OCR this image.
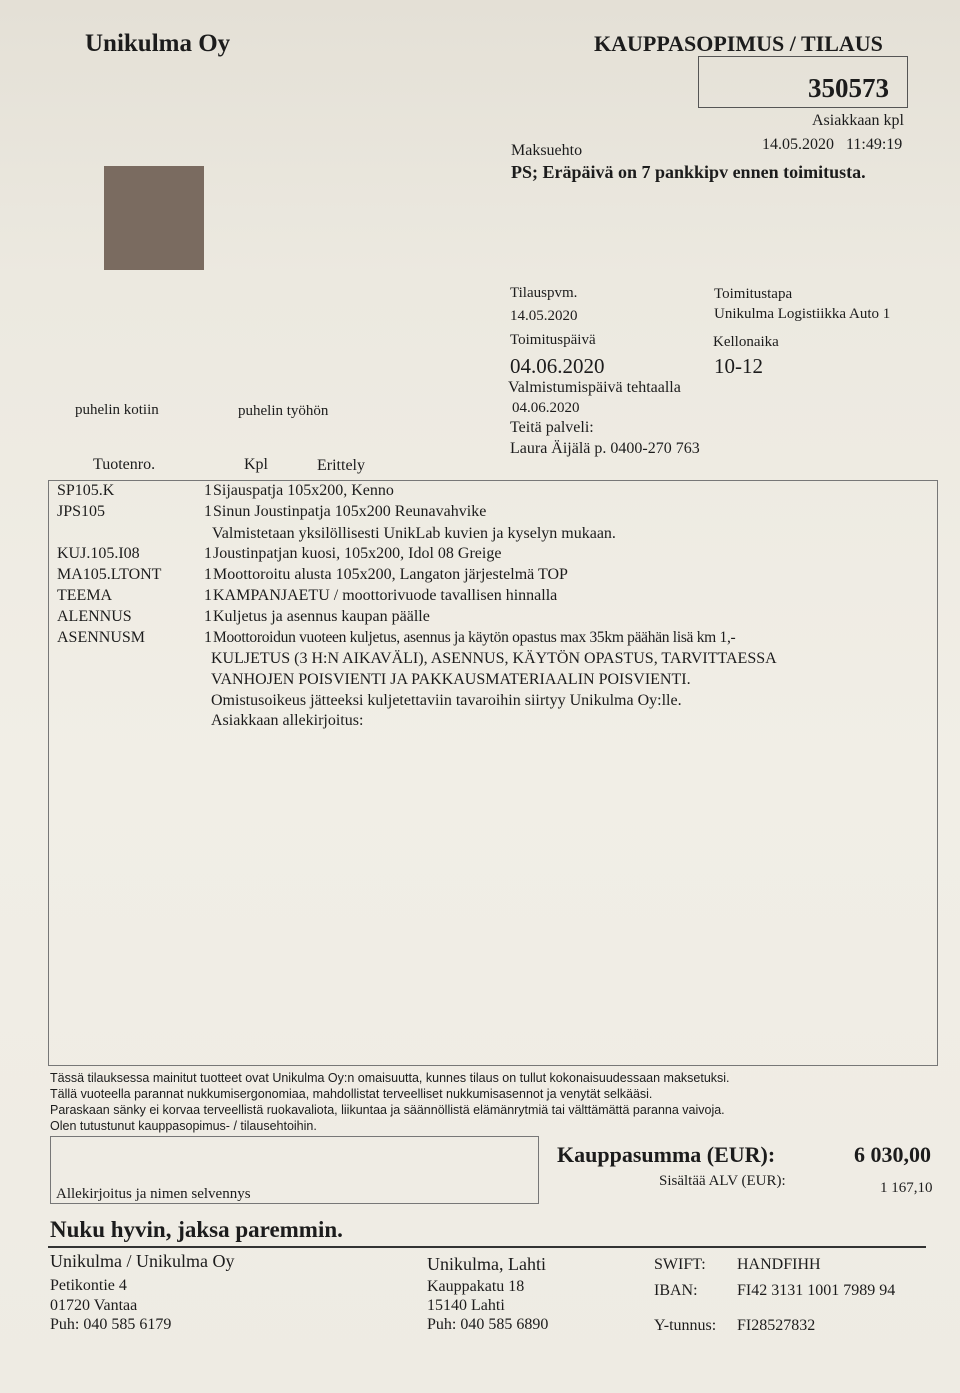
Unikulma Oy	KAUPPASOPIMUS / TILAUS
350573
Asiakkaan kpl
14.05.2020 11:49:19
Maksuehto
PS; Eräpäivä on 7 pankkipv ennen toimitusta.
puhelin kotiin	puhelin työhön
Tilauspvm.
14.05.2020
Toimituspäivä
04.06.2020
Valmistumispäivä tehtaalla
04.06.2020
Teitä palveli:
Laura Äijälä p. 0400-270 763
Toimitustapa
Unikulma Logistiikka Auto 1
Kellonaika
10-12
Tuotenro.	Kpl	Erittely
SP105.K	1 Sijauspatja 105x200, Kenno
JPS105	1 Sinun Joustinpatja 105x200 Reunavahvike
Valmistetaan yksilöllisesti UnikLab kuvien ja kyselyn mukaan.
KUJ.105.I08	1 Joustinpatjan kuosi, 105x200, Idol 08 Greige
MA105.LTONT	1 Moottoroitu alusta 105x200, Langaton järjestelmä TOP
TEEMA	1 KAMPANJAETU / moottorivuode tavallisen hinnalla
ALENNUS	1 Kuljetus ja asennus kaupan päälle
ASENNUSM	1 Moottoroidun vuoteen kuljetus, asennus ja käytön opastus max 35km päähän lisä km 1,-
KULJETUS (3 H:N AIKAVÄLI), ASENNUS, KÄYTÖN OPASTUS, TARVITTAESSA
VANHOJEN POISVIENTI JA PAKKAUSMATERIAALIN POISVIENTI.
Omistusoikeus jätteeksi kuljetettaviin tavaroihin siirtyy Unikulma Oy:lle.
Asiakkaan allekirjoitus:
Tässä tilauksessa mainitut tuotteet ovat Unikulma Oy:n omaisuutta, kunnes tilaus on tullut kokonaisuudessaan maksetuksi.
Tällä vuoteella parannat nukkumisergonomiaa, mahdollistat terveelliset nukkumisasennot ja venytät selkääsi.
Paraskaan sänky ei korvaa terveellistä ruokavaliota, liikuntaa ja säännöllistä elämänrytmiä tai välttämättä paranna vaivoja.
Olen tutustunut kauppasopimus- / tilausehtoihin.
Allekirjoitus ja nimen selvennys
Kauppasumma (EUR):	6 030,00
Sisältää ALV (EUR):	1 167,10
Nuku hyvin, jaksa paremmin.
Unikulma / Unikulma Oy
Petikontie 4
01720 Vantaa
Puh: 040 585 6179
Unikulma, Lahti
Kauppakatu 18
15140 Lahti
Puh: 040 585 6890
SWIFT: HANDFIHH
IBAN: FI42 3131 1001 7989 94
Y-tunnus: FI28527832
